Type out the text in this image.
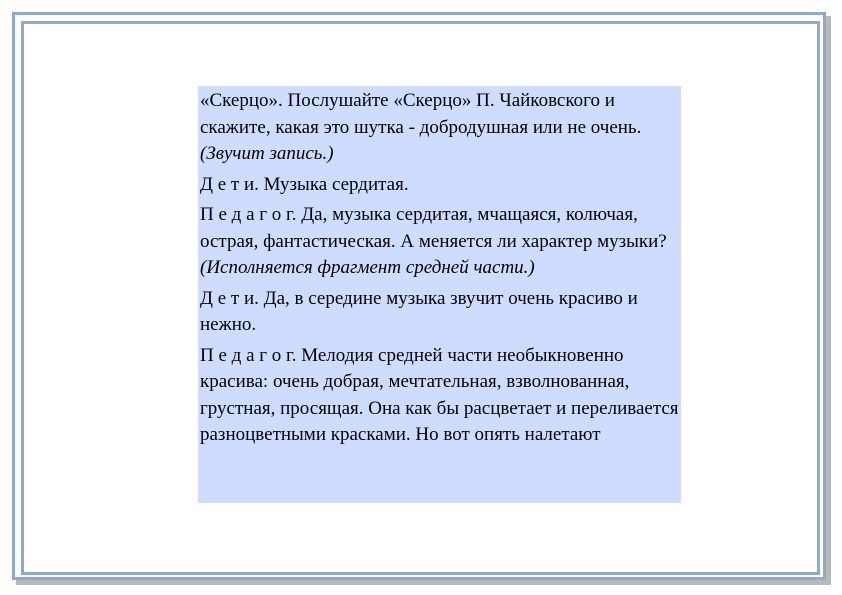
«Скерцо». Послушайте «Скерцо» П. Чайковского и скажите, какая это шутка - добродушная или не очень. (Звучит запись.)

Д е т и. Музыка сердитая.

П е д а г о г. Да, музыка сердитая, мчащаяся, колючая, острая, фантастическая. А меняется ли характер музыки? (Исполняется фрагмент средней части.)

Д е т и. Да, в середине музыка звучит очень красиво и нежно.

П е д а г о г. Мелодия средней части необыкновенно красива: очень добрая, мечтательная, взволнованная, грустная, просящая. Она как бы расцветает и переливается разноцветными красками. Но вот опять налетают
